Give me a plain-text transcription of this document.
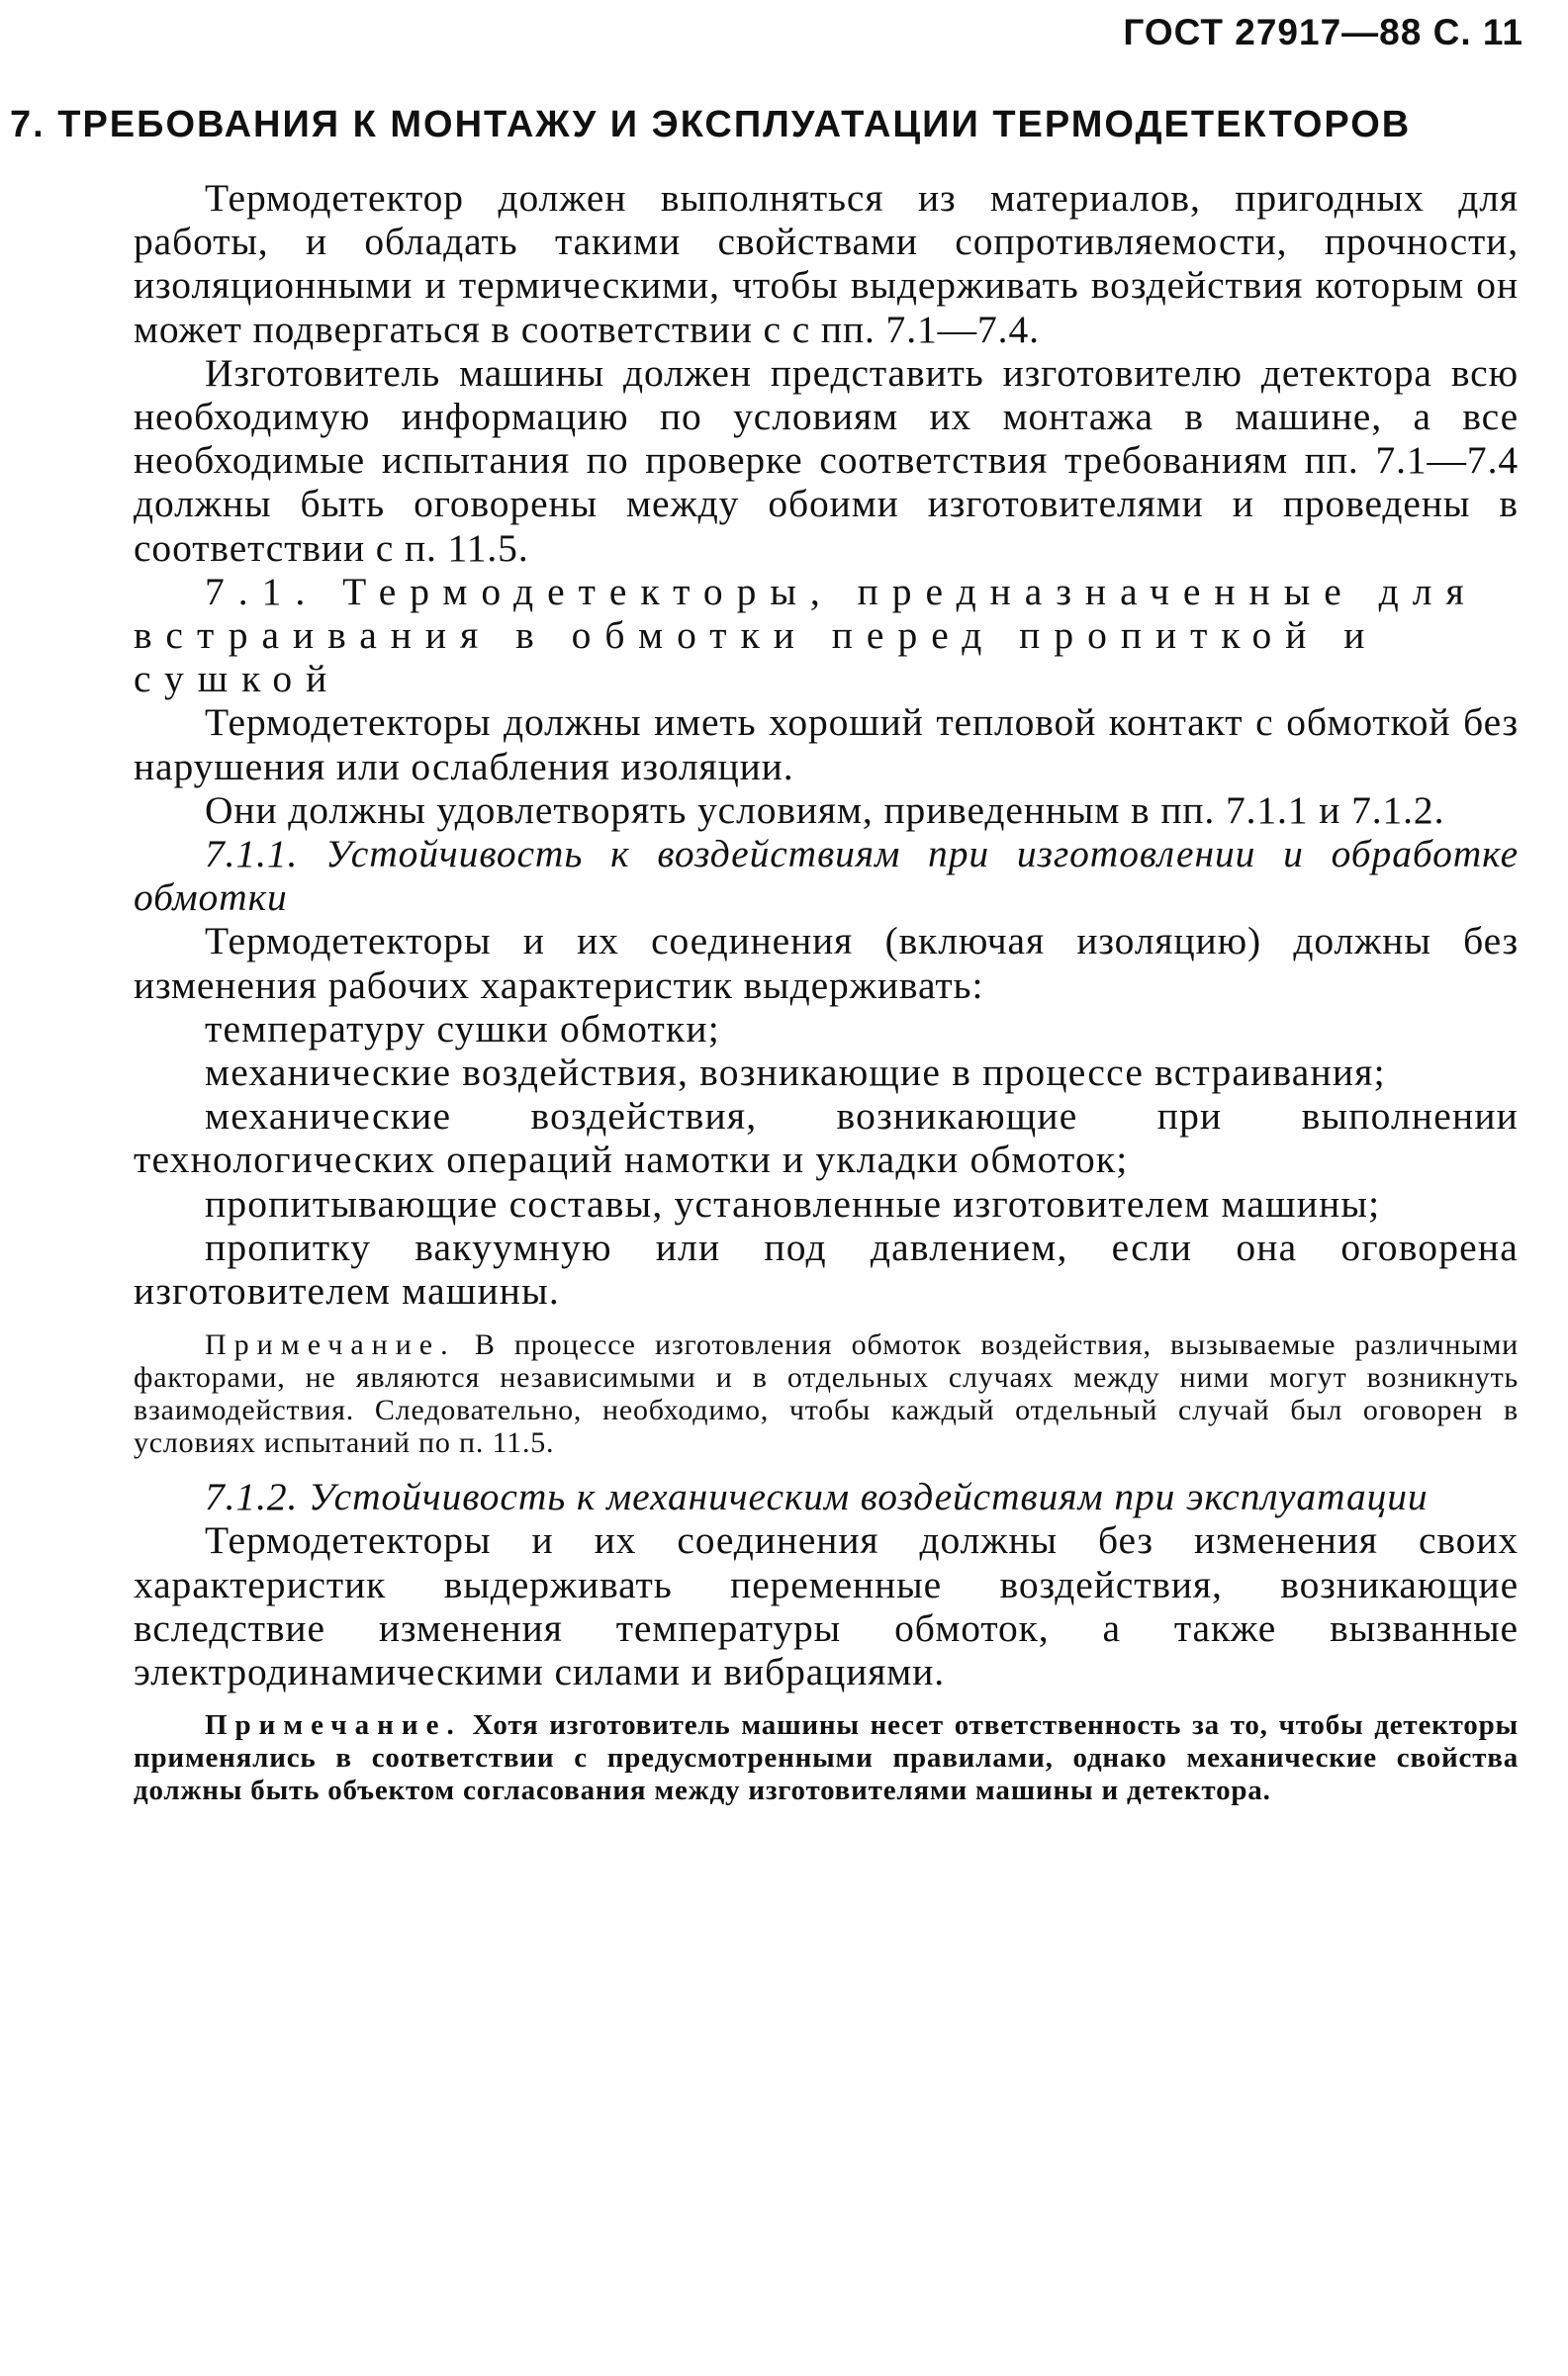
ГОСТ 27917—88 С. 11
7. ТРЕБОВАНИЯ К МОНТАЖУ И ЭКСПЛУАТАЦИИ ТЕРМОДЕТЕКТОРОВ

Термодетектор должен выполняться из материалов, пригодных для работы, и обладать такими свойствами сопротивляемости, прочности, изоляционными и термическими, чтобы выдерживать воздействия которым он может подвергаться в соответствии с с пп. 7.1—7.4.

Изготовитель машины должен представить изготовителю детектора всю необходимую информацию по условиям их монтажа в машине, а все необходимые испытания по проверке соответствия требованиям пп. 7.1—7.4 должны быть оговорены между обоими изготовителями и проведены в соответствии с п. 11.5.

7.1. Термодетекторы, предназначенные для встраивания в обмотки перед пропиткой и сушкой

Термодетекторы должны иметь хороший тепловой контакт с обмоткой без нарушения или ослабления изоляции.

Они должны удовлетворять условиям, приведенным в пп. 7.1.1 и 7.1.2.

7.1.1. Устойчивость к воздействиям при изготовлении и обработке обмотки

Термодетекторы и их соединения (включая изоляцию) должны без изменения рабочих характеристик выдерживать:

температуру сушки обмотки;

механические воздействия, возникающие в процессе встраивания;

механические воздействия, возникающие при выполнении технологических операций намотки и укладки обмоток;

пропитывающие составы, установленные изготовителем машины;

пропитку вакуумную или под давлением, если она оговорена изготовителем машины.

Примечание. В процессе изготовления обмоток воздействия, вызываемые различными факторами, не являются независимыми и в отдельных случаях между ними могут возникнуть взаимодействия. Следовательно, необходимо, чтобы каждый отдельный случай был оговорен в условиях испытаний по п. 11.5.

7.1.2. Устойчивость к механическим воздействиям при эксплуатации

Термодетекторы и их соединения должны без изменения своих характеристик выдерживать переменные воздействия, возникающие вследствие изменения температуры обмоток, а также вызванные электродинамическими силами и вибрациями.

Примечание. Хотя изготовитель машины несет ответственность за то, чтобы детекторы применялись в соответствии с предусмотренными правилами, однако механические свойства должны быть объектом согласования между изготовителями машины и детектора.
